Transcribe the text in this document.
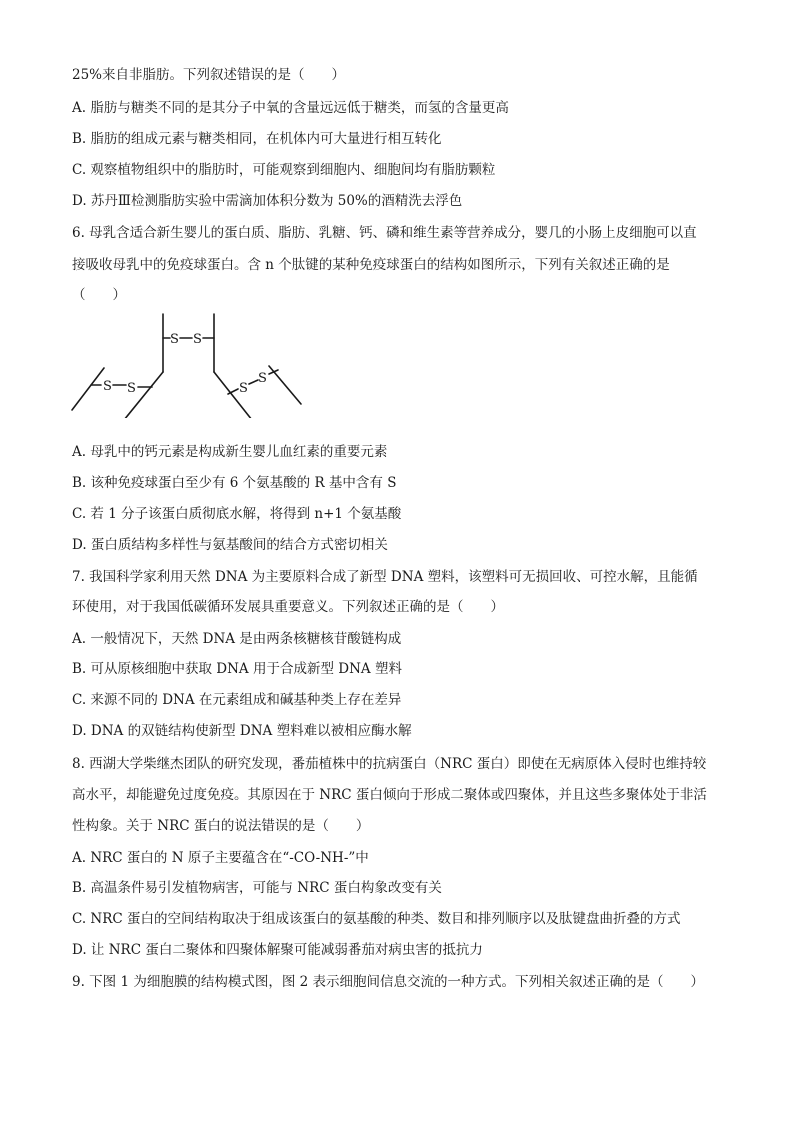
25%来自非脂肪。下列叙述错误的是（　　）
A. 脂肪与糖类不同的是其分子中氧的含量远远低于糖类，而氢的含量更高
B. 脂肪的组成元素与糖类相同，在机体内可大量进行相互转化
C. 观察植物组织中的脂肪时，可能观察到细胞内、细胞间均有脂肪颗粒
D. 苏丹Ⅲ检测脂肪实验中需滴加体积分数为 50%的酒精洗去浮色
6. 母乳含适合新生婴儿的蛋白质、脂肪、乳糖、钙、磷和维生素等营养成分，婴几的小肠上皮细胞可以直
接吸收母乳中的免疫球蛋白。含 n 个肽键的某种免疫球蛋白的结构如图所示，下列有关叙述正确的是
（　　）
S S
S S	S
S
A. 母乳中的钙元素是构成新生婴儿血红素的重要元素
B. 该种免疫球蛋白至少有 6 个氨基酸的 R 基中含有 S
C. 若 1 分子该蛋白质彻底水解，将得到 n+1 个氨基酸
D. 蛋白质结构多样性与氨基酸间的结合方式密切相关
7. 我国科学家利用天然 DNA 为主要原料合成了新型 DNA 塑料，该塑料可无损回收、可控水解，且能循
环使用，对于我国低碳循环发展具重要意义。下列叙述正确的是（　　）
A. 一般情况下，天然 DNA 是由两条核糖核苷酸链构成
B. 可从原核细胞中获取 DNA 用于合成新型 DNA 塑料
C. 来源不同的 DNA 在元素组成和碱基种类上存在差异
D. DNA 的双链结构使新型 DNA 塑料难以被相应酶水解
8. 西湖大学柴继杰团队的研究发现，番茄植株中的抗病蛋白（NRC 蛋白）即使在无病原体入侵时也维持较
高水平，却能避免过度免疫。其原因在于 NRC 蛋白倾向于形成二聚体或四聚体，并且这些多聚体处于非活
性构象。关于 NRC 蛋白的说法错误的是（　　）
A. NRC 蛋白的 N 原子主要蕴含在“-CO-NH-”中
B. 高温条件易引发植物病害，可能与 NRC 蛋白构象改变有关
C. NRC 蛋白的空间结构取决于组成该蛋白的氨基酸的种类、数目和排列顺序以及肽键盘曲折叠的方式
D. 让 NRC 蛋白二聚体和四聚体解聚可能减弱番茄对病虫害的抵抗力
9. 下图 1 为细胞膜的结构模式图，图 2 表示细胞间信息交流的一种方式。下列相关叙述正确的是（　　）
